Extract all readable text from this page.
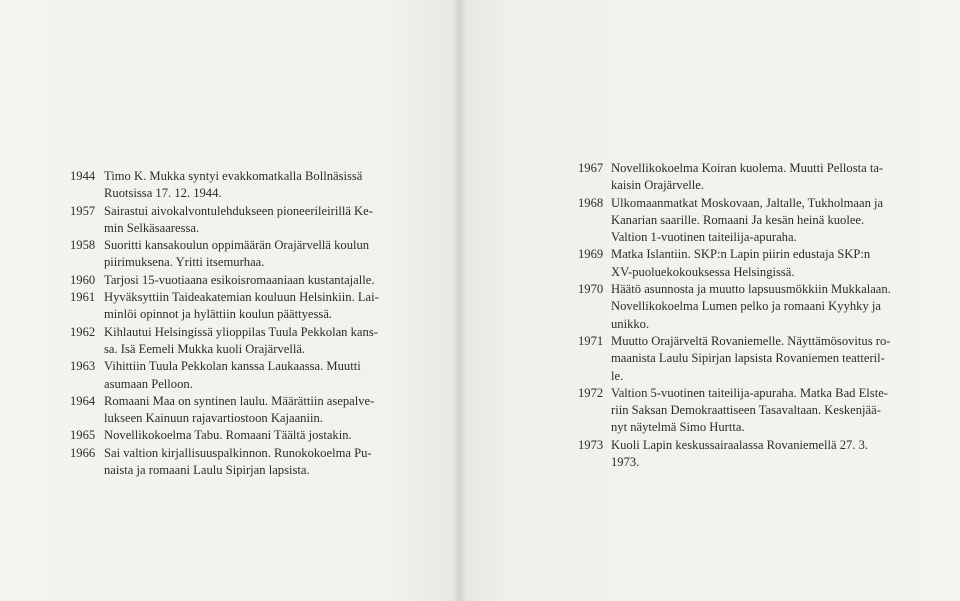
1944 Timo K. Mukka syntyi evakkomatkalla Bollnäsissä
Ruotsissa 17. 12. 1944.
1957 Sairastui aivokalvontulehdukseen pioneerileirillä Ke-
min Selkäsaaressa.
1958 Suoritti kansakoulun oppimäärän Orajärvellä koulun
piirimuksena. Yritti itsemurhaa.
1960 Tarjosi 15-vuotiaana esikoisromaaniaan kustantajalle.
1961 Hyväksyttiin Taideakatemian kouluun Helsinkiin. Lai-
minlöi opinnot ja hylättiin koulun päättyessä.
1962 Kihlautui Helsingissä ylioppilas Tuula Pekkolan kans-
sa. Isä Eemeli Mukka kuoli Orajärvellä.
1963 Vihittiin Tuula Pekkolan kanssa Laukaassa. Muutti
asumaan Pelloon.
1964 Romaani Maa on syntinen laulu. Määrättiin asepalve-
lukseen Kainuun rajavartiostoon Kajaaniin.
1965 Novellikokoelma Tabu. Romaani Täältä jostakin.
1966 Sai valtion kirjallisuuspalkinnon. Runokokoelma Pu-
naista ja romaani Laulu Sipirjan lapsista.
1967 Novellikokoelma Koiran kuolema. Muutti Pellosta ta-
kaisin Orajärvelle.
1968 Ulkomaanmatkat Moskovaan, Jaltalle, Tukholmaan ja
Kanarian saarille. Romaani Ja kesän heinä kuolee.
Valtion 1-vuotinen taiteilija-apuraha.
1969 Matka Islantiin. SKP:n Lapin piirin edustaja SKP:n
XV-puoluekokouksessa Helsingissä.
1970 Häätö asunnosta ja muutto lapsuusmökkiin Mukkalaan.
Novellikokoelma Lumen pelko ja romaani Kyyhky ja
unikko.
1971 Muutto Orajärveltä Rovaniemelle. Näyttämösovitus ro-
maanista Laulu Sipirjan lapsista Rovaniemen teatteril-
le.
1972 Valtion 5-vuotinen taiteilija-apuraha. Matka Bad Elste-
riin Saksan Demokraattiseen Tasavaltaan. Keskenjää-
nyt näytelmä Simo Hurtta.
1973 Kuoli Lapin keskussairaalassa Rovaniemellä 27. 3.
1973.
